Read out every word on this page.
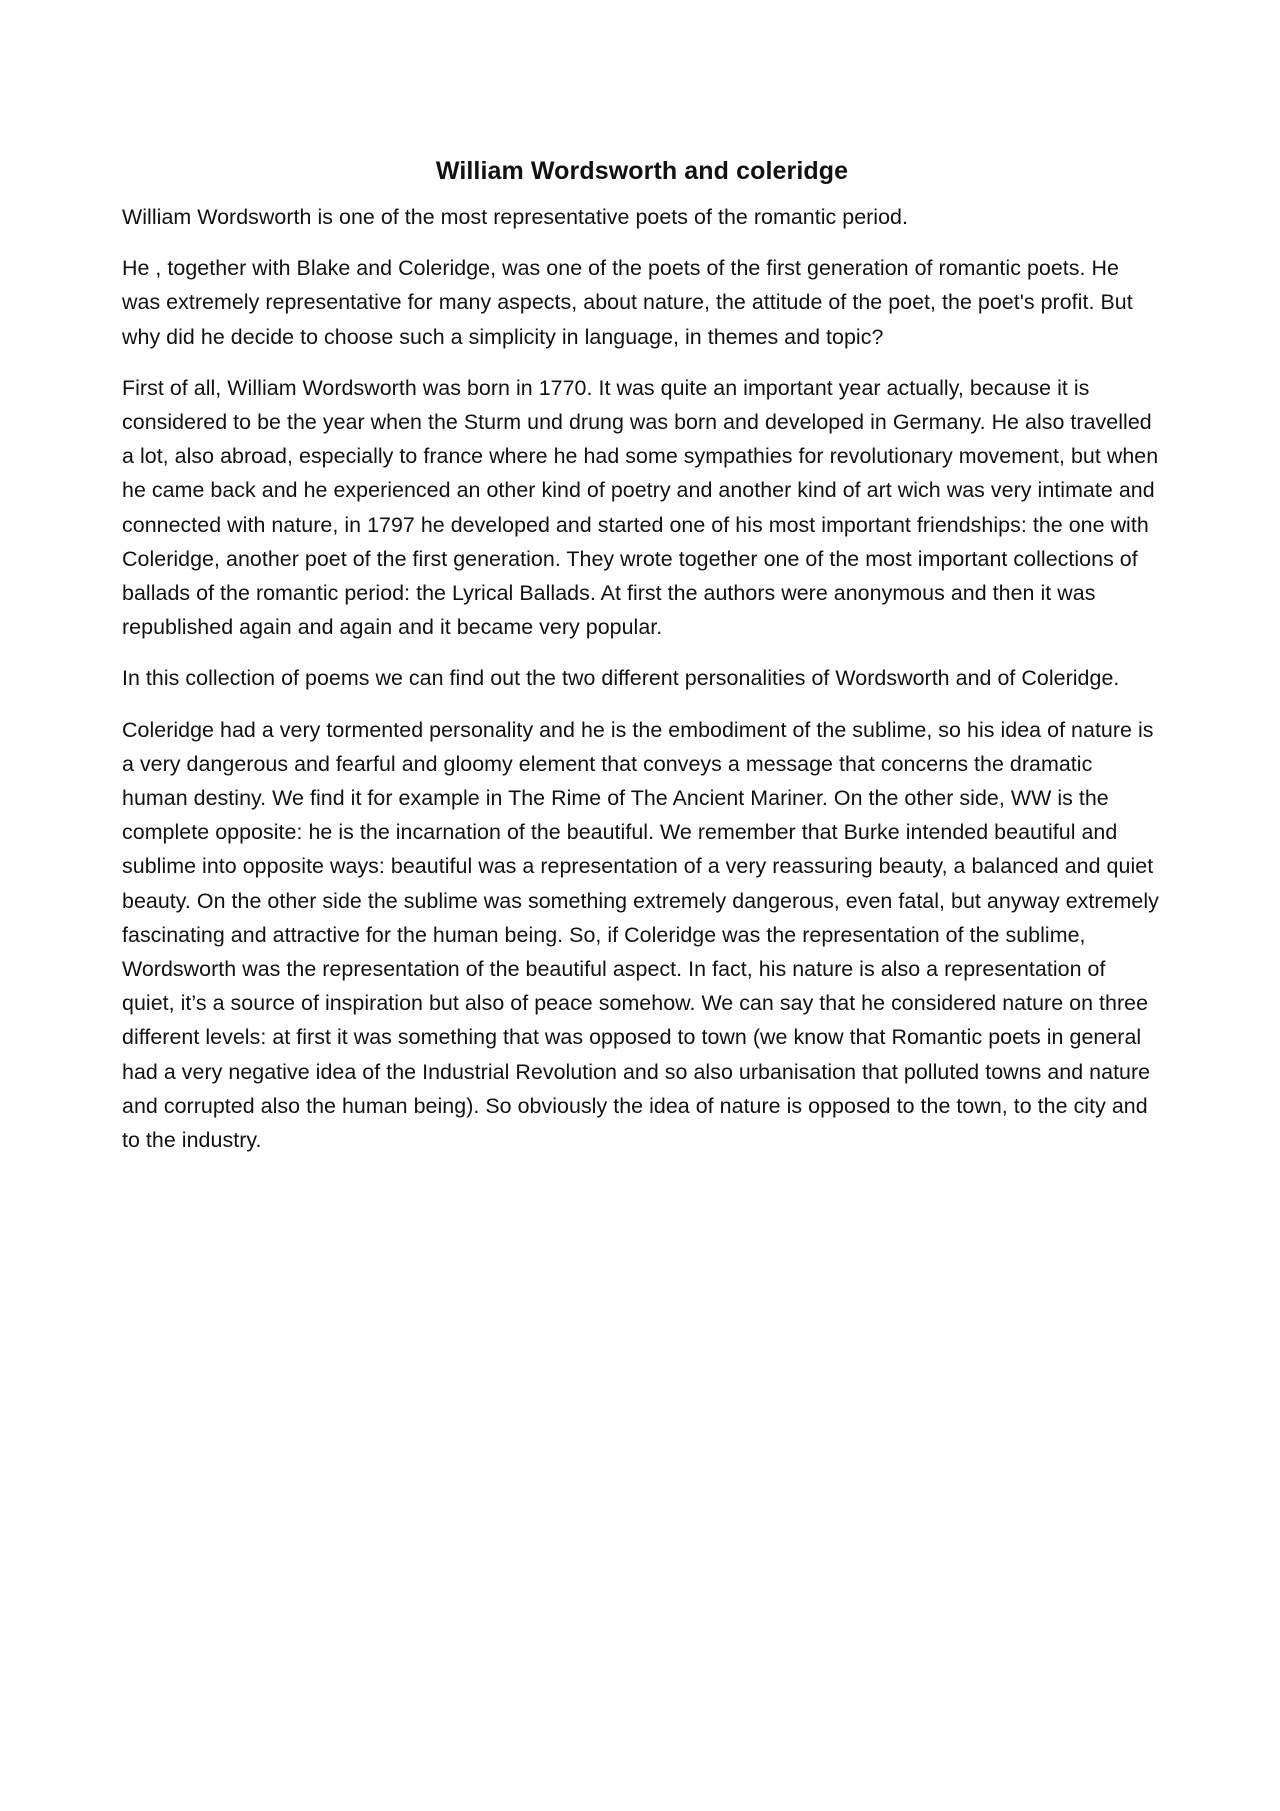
William Wordsworth and coleridge

William Wordsworth is one of the most representative poets of the romantic period.

He , together with Blake and Coleridge, was one of the poets of the first generation of romantic poets. He was extremely representative for many aspects, about nature, the attitude of the poet, the poet's profit. But why did he decide to choose such a simplicity in language, in themes and topic?

First of all, William Wordsworth was born in 1770. It was quite an important year actually, because it is considered to be the year when the Sturm und drung was born and developed in Germany. He also travelled a lot, also abroad, especially to france where he had some sympathies for revolutionary movement, but when he came back and he experienced an other kind of poetry and another kind of art wich was very intimate and connected with nature, in 1797 he developed and started one of his most important friendships: the one with Coleridge, another poet of the first generation. They wrote together one of the most important collections of ballads of the romantic period: the Lyrical Ballads. At first the authors were anonymous and then it was republished again and again and it became very popular.

In this collection of poems we can find out the two different personalities of Wordsworth and of Coleridge.

Coleridge had a very tormented personality and he is the embodiment of the sublime, so his idea of nature is a very dangerous and fearful and gloomy element that conveys a message that concerns the dramatic human destiny. We find it for example in The Rime of The Ancient Mariner. On the other side, WW is the complete opposite: he is the incarnation of the beautiful. We remember that Burke intended beautiful and sublime into opposite ways: beautiful was a representation of a very reassuring beauty, a balanced and quiet beauty. On the other side the sublime was something extremely dangerous, even fatal, but anyway extremely fascinating and attractive for the human being. So, if Coleridge was the representation of the sublime, Wordsworth was the representation of the beautiful aspect. In fact, his nature is also a representation of quiet, it’s a source of inspiration but also of peace somehow. We can say that he considered nature on three different levels: at first it was something that was opposed to town (we know that Romantic poets in general had a very negative idea of the Industrial Revolution and so also urbanisation that polluted towns and nature and corrupted also the human being). So obviously the idea of nature is opposed to the town, to the city and to the industry.
